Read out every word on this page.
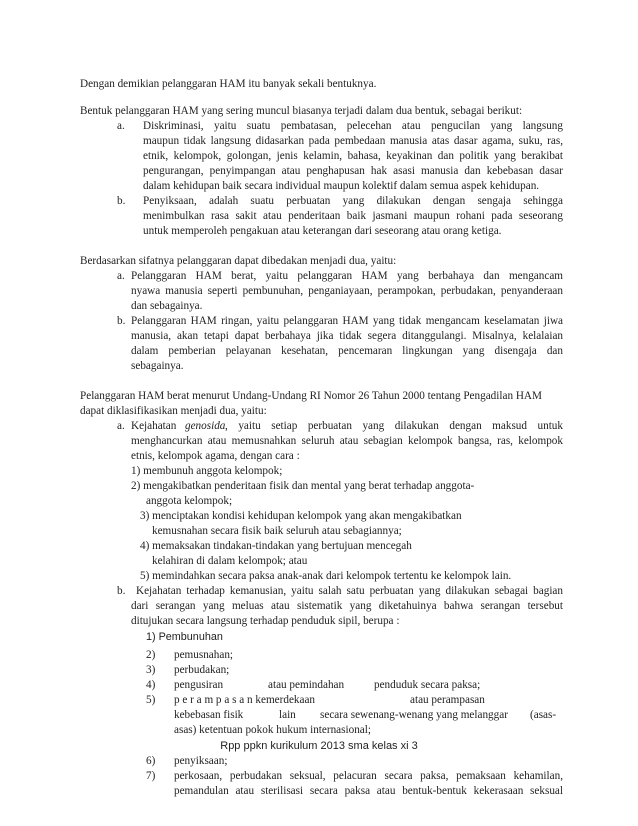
Dengan demikian pelanggaran HAM itu banyak sekali bentuknya.
Bentuk pelanggaran HAM yang sering muncul biasanya terjadi dalam dua bentuk, sebagai berikut:
a. Diskriminasi, yaitu suatu pembatasan, pelecehan atau pengucilan yang langsung
maupun tidak langsung didasarkan pada pembedaan manusia atas dasar agama, suku, ras,
etnik, kelompok, golongan, jenis kelamin, bahasa, keyakinan dan politik yang berakibat
pengurangan, penyimpangan atau penghapusan hak asasi manusia dan kebebasan dasar
dalam kehidupan baik secara individual maupun kolektif dalam semua aspek kehidupan.
b. Penyiksaan, adalah suatu perbuatan yang dilakukan dengan sengaja sehingga
menimbulkan rasa sakit atau penderitaan baik jasmani maupun rohani pada seseorang
untuk memperoleh pengakuan atau keterangan dari seseorang atau orang ketiga.
Berdasarkan sifatnya pelanggaran dapat dibedakan menjadi dua, yaitu:
a. Pelanggaran HAM berat, yaitu pelanggaran HAM yang berbahaya dan mengancam
nyawa manusia seperti pembunuhan, penganiayaan, perampokan, perbudakan, penyanderaan
dan sebagainya.
b. Pelanggaran HAM ringan, yaitu pelanggaran HAM yang tidak mengancam keselamatan jiwa
manusia, akan tetapi dapat berbahaya jika tidak segera ditanggulangi. Misalnya, kelalaian
dalam pemberian pelayanan kesehatan, pencemaran lingkungan yang disengaja dan
sebagainya.
Pelanggaran HAM berat menurut Undang-Undang RI Nomor 26 Tahun 2000 tentang Pengadilan HAM
dapat diklasifikasikan menjadi dua, yaitu:
a. Kejahatan genosida , yaitu setiap perbuatan yang dilakukan dengan maksud untuk
menghancurkan atau memusnahkan seluruh atau sebagian kelompok bangsa, ras, kelompok
etnis, kelompok agama, dengan cara :
1) membunuh anggota kelompok;
2) mengakibatkan penderitaan fisik dan mental yang berat terhadap anggota-
anggota kelompok;
3) menciptakan kondisi kehidupan kelompok yang akan mengakibatkan
kemusnahan secara fisik baik seluruh atau sebagiannya;
4) memaksakan tindakan-tindakan yang bertujuan mencegah
kelahiran di dalam kelompok; atau
5) memindahkan secara paksa anak-anak dari kelompok tertentu ke kelompok lain.
b. Kejahatan terhadap kemanusian, yaitu salah satu perbuatan yang dilakukan sebagai bagian
dari serangan yang meluas atau sistematik yang diketahuinya bahwa serangan tersebut
ditujukan secara langsung terhadap penduduk sipil, berupa :
1) Pembunuhan
2) pemusnahan;
3) perbudakan;
4) pengusiran	atau pemindahan	penduduk secara paksa;
5) p e r a m p a s a n kemerdekaan	atau perampasan
kebebasan fisik	lain secara sewenang-wenang yang melanggar (asas-
asas) ketentuan pokok hukum internasional;
Rpp ppkn kurikulum 2013 sma kelas xi 3
6) penyiksaan;
7) perkosaan, perbudakan seksual, pelacuran secara paksa, pemaksaan kehamilan,
pemandulan atau sterilisasi secara paksa atau bentuk-bentuk kekerasaan seksual
